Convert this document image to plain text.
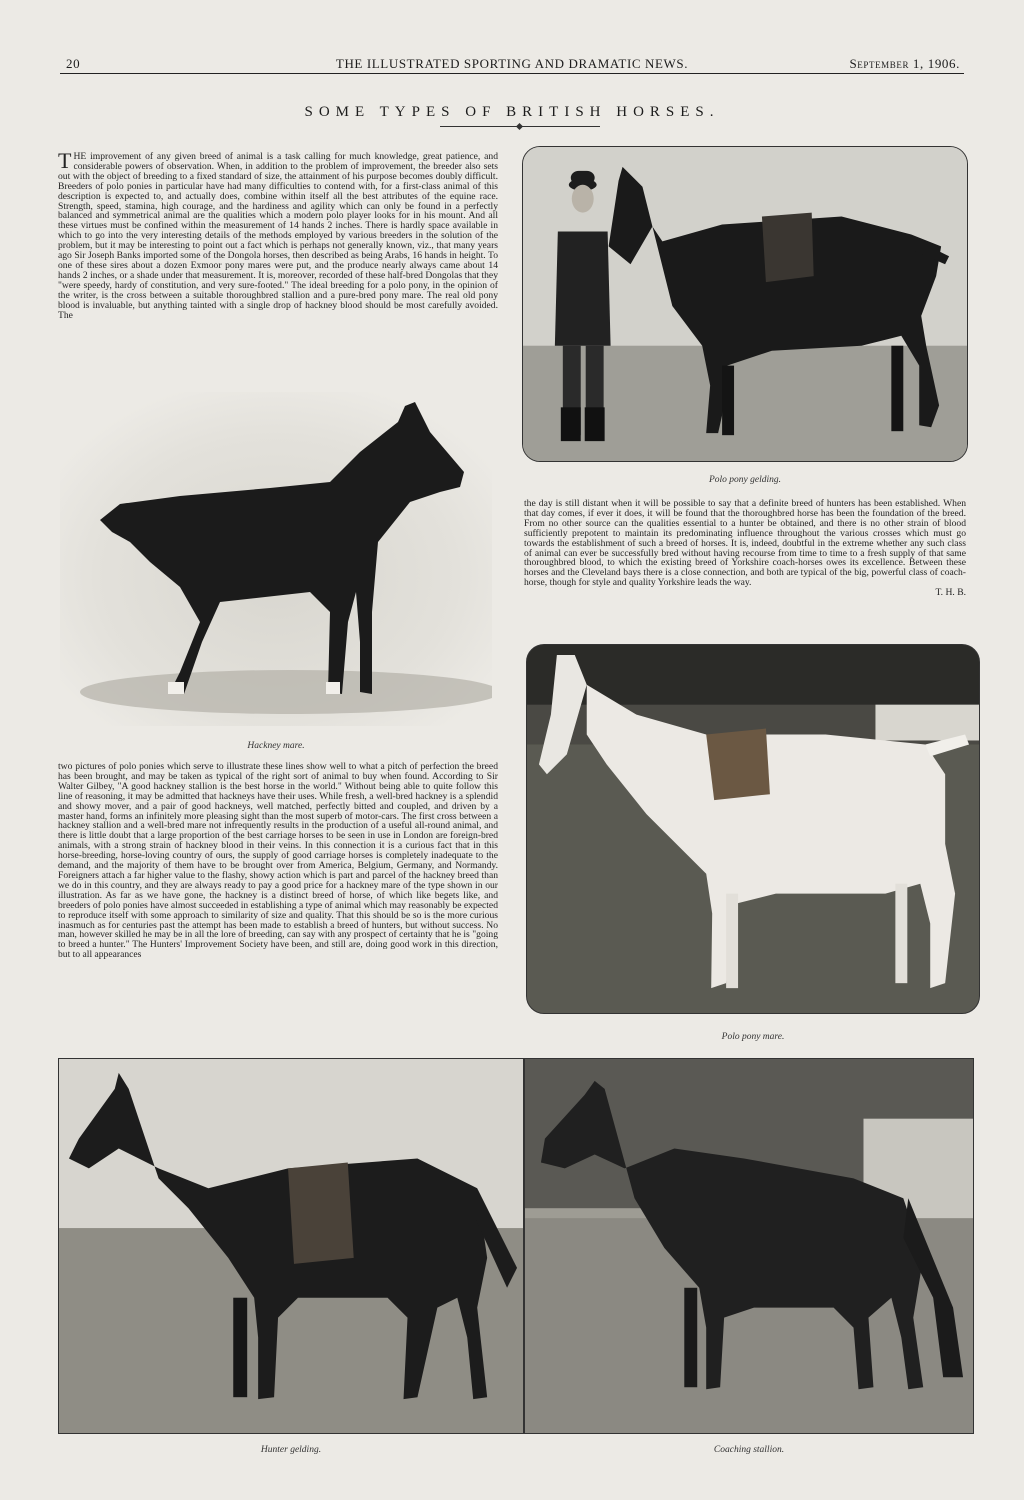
20	THE ILLUSTRATED SPORTING AND DRAMATIC NEWS.	September 1, 1906.
SOME TYPES OF BRITISH HORSES.
THE improvement of any given breed of animal is a task calling for much knowledge, great patience, and considerable powers of observation. When, in addition to the problem of improvement, the breeder also sets out with the object of breeding to a fixed standard of size, the attainment of his purpose becomes doubly difficult. Breeders of polo ponies in particular have had many difficulties to contend with, for a first-class animal of this description is expected to, and actually does, combine within itself all the best attributes of the equine race. Strength, speed, stamina, high courage, and the hardiness and agility which can only be found in a perfectly balanced and symmetrical animal are the qualities which a modern polo player looks for in his mount. And all these virtues must be confined within the measurement of 14 hands 2 inches. There is hardly space available in which to go into the very interesting details of the methods employed by various breeders in the solution of the problem, but it may be interesting to point out a fact which is perhaps not generally known, viz., that many years ago Sir Joseph Banks imported some of the Dongola horses, then described as being Arabs, 16 hands in height. To one of these sires about a dozen Exmoor pony mares were put, and the produce nearly always came about 14 hands 2 inches, or a shade under that measurement. It is, moreover, recorded of these half-bred Dongolas that they "were speedy, hardy of constitution, and very sure-footed." The ideal breeding for a polo pony, in the opinion of the writer, is the cross between a suitable thoroughbred stallion and a pure-bred pony mare. The real old pony blood is invaluable, but anything tainted with a single drop of hackney blood should be most carefully avoided. The
Polo pony gelding.
the day is still distant when it will be possible to say that a definite breed of hunters has been established. When that day comes, if ever it does, it will be found that the thoroughbred horse has been the foundation of the breed. From no other source can the qualities essential to a hunter be obtained, and there is no other strain of blood sufficiently prepotent to maintain its predominating influence throughout the various crosses which must go towards the establishment of such a breed of horses. It is, indeed, doubtful in the extreme whether any such class of animal can ever be successfully bred without having recourse from time to time to a fresh supply of that same thoroughbred blood, to which the existing breed of Yorkshire coach-horses owes its excellence. Between these horses and the Cleveland bays there is a close connection, and both are typical of the big, powerful class of coach-horse, though for style and quality Yorkshire leads the way.
T. H. B.
Hackney mare.
two pictures of polo ponies which serve to illustrate these lines show well to what a pitch of perfection the breed has been brought, and may be taken as typical of the right sort of animal to buy when found. According to Sir Walter Gilbey, "A good hackney stallion is the best horse in the world." Without being able to quite follow this line of reasoning, it may be admitted that hackneys have their uses. While fresh, a well-bred hackney is a splendid and showy mover, and a pair of good hackneys, well matched, perfectly bitted and coupled, and driven by a master hand, forms an infinitely more pleasing sight than the most superb of motor-cars. The first cross between a hackney stallion and a well-bred mare not infrequently results in the production of a useful all-round animal, and there is little doubt that a large proportion of the best carriage horses to be seen in use in London are foreign-bred animals, with a strong strain of hackney blood in their veins. In this connection it is a curious fact that in this horse-breeding, horse-loving country of ours, the supply of good carriage horses is completely inadequate to the demand, and the majority of them have to be brought over from America, Belgium, Germany, and Normandy. Foreigners attach a far higher value to the flashy, showy action which is part and parcel of the hackney breed than we do in this country, and they are always ready to pay a good price for a hackney mare of the type shown in our illustration. As far as we have gone, the hackney is a distinct breed of horse, of which like begets like, and breeders of polo ponies have almost succeeded in establishing a type of animal which may reasonably be expected to reproduce itself with some approach to similarity of size and quality. That this should be so is the more curious inasmuch as for centuries past the attempt has been made to establish a breed of hunters, but without success. No man, however skilled he may be in all the lore of breeding, can say with any prospect of certainty that he is "going to breed a hunter." The Hunters' Improvement Society have been, and still are, doing good work in this direction, but to all appearances
Polo pony mare.
Hunter gelding.	Coaching stallion.
